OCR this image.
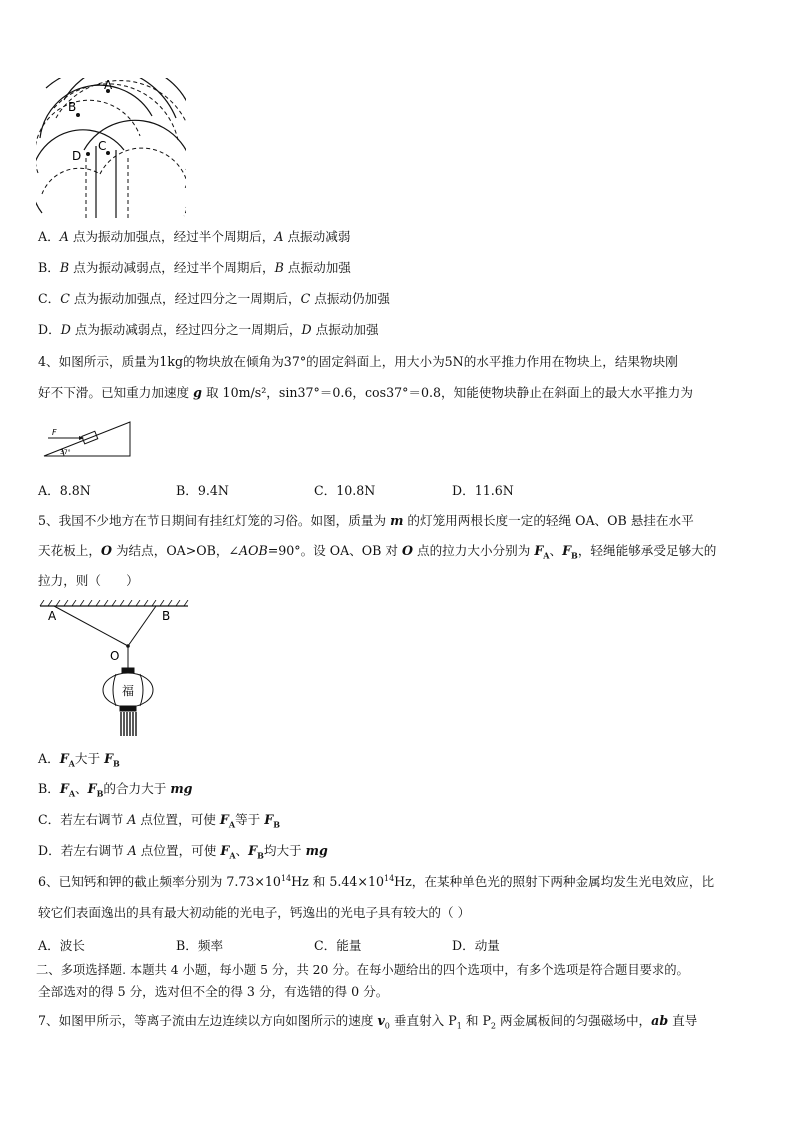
A
B
C
D
A．A 点为振动加强点，经过半个周期后，A 点振动减弱
B．B 点为振动减弱点，经过半个周期后，B 点振动加强
C．C 点为振动加强点，经过四分之一周期后，C 点振动仍加强
D．D 点为振动减弱点，经过四分之一周期后，D 点振动加强
4、如图所示，质量为1kg的物块放在倾角为37°的固定斜面上，用大小为5N的水平推力作用在物块上，结果物块刚
好不下滑。已知重力加速度 g 取 10m/s²，sin37°＝0.6，cos37°＝0.8，知能使物块静止在斜面上的最大水平推力为
F
37°
A．8.8N	B．9.4N	C．10.8N	D．11.6N
5、我国不少地方在节日期间有挂红灯笼的习俗。如图，质量为 m 的灯笼用两根长度一定的轻绳 OA、OB 悬挂在水平
天花板上，O 为结点，OA>OB，∠AOB=90°。设 OA、OB 对 O 点的拉力大小分别为 $F_A$、$F_B$，轻绳能够承受足够大的
拉力，则（　　）
A	B
O
福
A．$F_A$大于 $F_B$
B．$F_A$、$F_B$的合力大于 mg
C．若左右调节 A 点位置，可使 $F_A$等于 $F_B$
D．若左右调节 A 点位置，可使 $F_A$、$F_B$均大于 mg
6、已知钙和钾的截止频率分别为 $7.73\times 10^{14}Hz$ 和 $5.44\times 10^{14}Hz$，在某种单色光的照射下两种金属均发生光电效应，比
较它们表面逸出的具有最大初动能的光电子，钙逸出的光电子具有较大的（ ）
A．波长	B．频率	C．能量	D．动量
二、多项选择题. 本题共 4 小题，每小题 5 分，共 20 分。在每小题给出的四个选项中，有多个选项是符合题目要求的。
全部选对的得 5 分，选对但不全的得 3 分，有选错的得 0 分。
7、如图甲所示，等离子流由左边连续以方向如图所示的速度 $v_0$ 垂直射入 $P_1$ 和 $P_2$ 两金属板间的匀强磁场中，ab 直导
